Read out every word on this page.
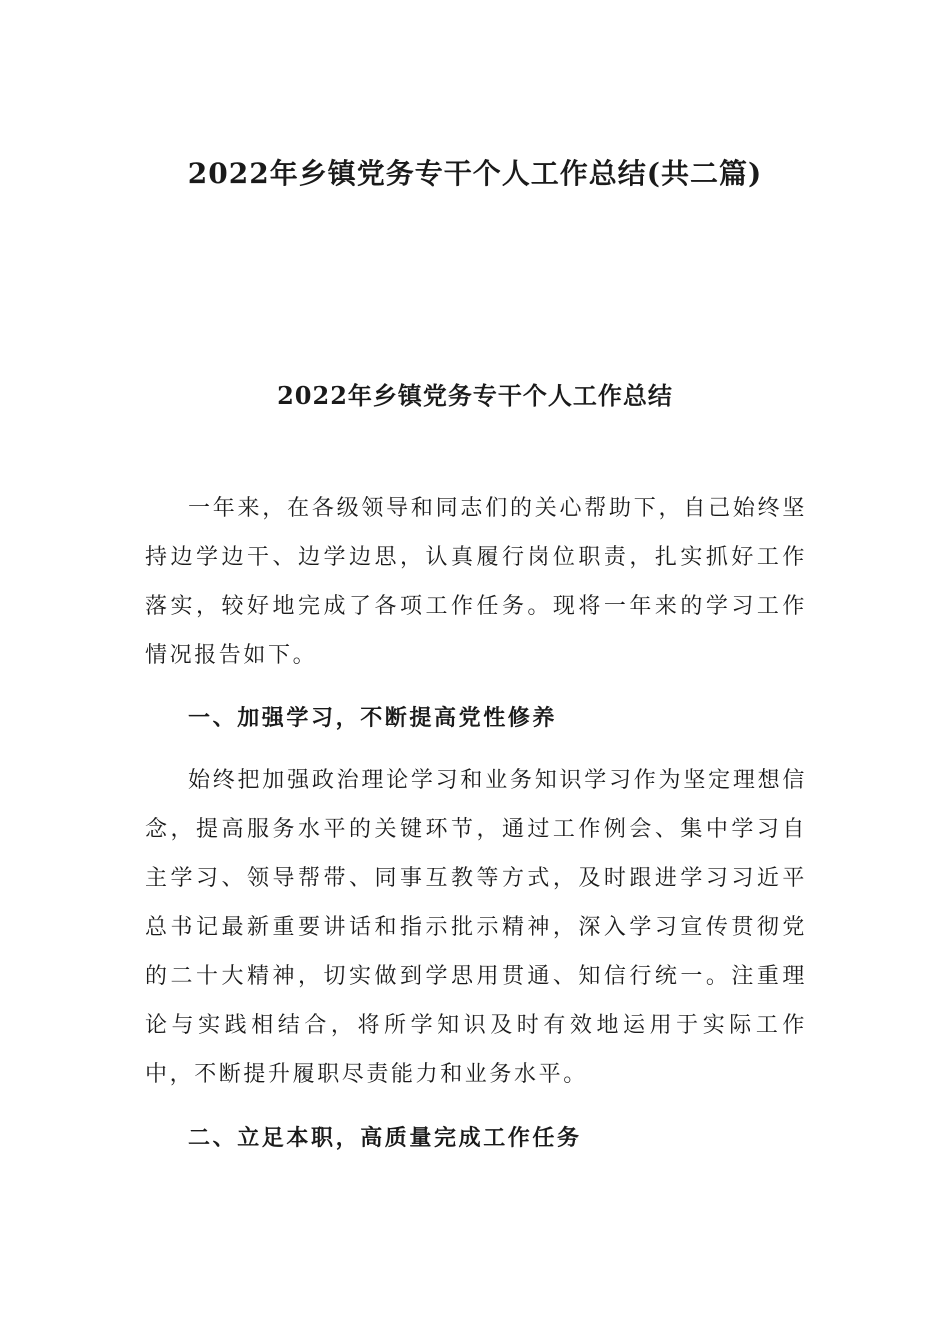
2022年乡镇党务专干个人工作总结(共二篇)
2022年乡镇党务专干个人工作总结

一年来，在各级领导和同志们的关心帮助下，自己始终坚持边学边干、边学边思，认真履行岗位职责，扎实抓好工作落实，较好地完成了各项工作任务。现将一年来的学习工作情况报告如下。

一、加强学习，不断提高党性修养

始终把加强政治理论学习和业务知识学习作为坚定理想信念，提高服务水平的关键环节，通过工作例会、集中学习自主学习、领导帮带、同事互教等方式，及时跟进学习习近平总书记最新重要讲话和指示批示精神，深入学习宣传贯彻党的二十大精神，切实做到学思用贯通、知信行统一。注重理论与实践相结合，将所学知识及时有效地运用于实际工作中，不断提升履职尽责能力和业务水平。

二、立足本职，高质量完成工作任务
